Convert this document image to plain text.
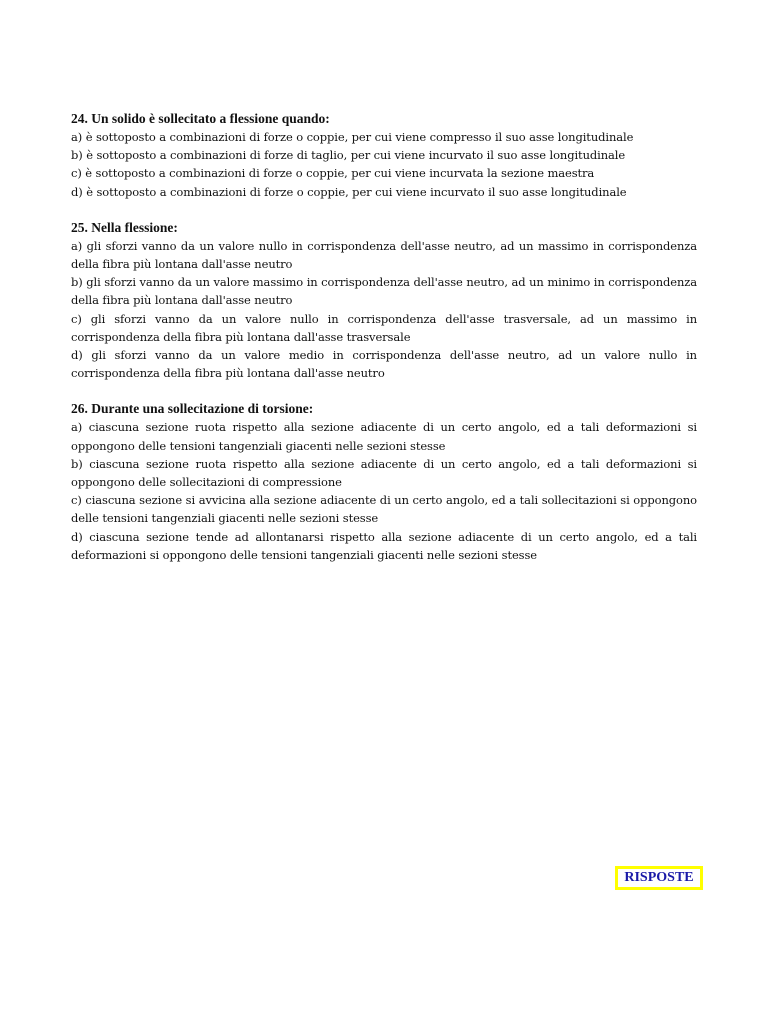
24. Un solido è sollecitato a flessione quando:

a) è sottoposto a combinazioni di forze o coppie, per cui viene compresso il suo asse longitudinale

b) è sottoposto a combinazioni di forze di taglio, per cui viene incurvato il suo asse longitudinale

c) è sottoposto a combinazioni di forze o coppie, per cui viene incurvata la sezione maestra

d) è sottoposto a combinazioni di forze o coppie, per cui viene incurvato il suo asse longitudinale

25. Nella flessione:

a) gli sforzi vanno da un valore nullo in corrispondenza dell'asse neutro, ad un massimo in corrispondenza della fibra più lontana dall'asse neutro

b) gli sforzi vanno da un valore massimo in corrispondenza dell'asse neutro, ad un minimo in corrispondenza della fibra più lontana dall'asse neutro

c) gli sforzi vanno da un valore nullo in corrispondenza dell'asse trasversale, ad un massimo in corrispondenza della fibra più lontana dall'asse trasversale

d) gli sforzi vanno da un valore medio in corrispondenza dell'asse neutro, ad un valore nullo in corrispondenza della fibra più lontana dall'asse neutro

26. Durante una sollecitazione di torsione:

a) ciascuna sezione ruota rispetto alla sezione adiacente di un certo angolo, ed a tali deformazioni si oppongono delle tensioni tangenziali giacenti nelle sezioni stesse

b) ciascuna sezione ruota rispetto alla sezione adiacente di un certo angolo, ed a tali deformazioni si oppongono delle sollecitazioni di compressione

c) ciascuna sezione si avvicina alla sezione adiacente di un certo angolo, ed a tali sollecitazioni si oppongono delle tensioni tangenziali giacenti nelle sezioni stesse

d) ciascuna sezione tende ad allontanarsi rispetto alla sezione adiacente di un certo angolo, ed a tali deformazioni si oppongono delle tensioni tangenziali giacenti nelle sezioni stesse

RISPOSTE
